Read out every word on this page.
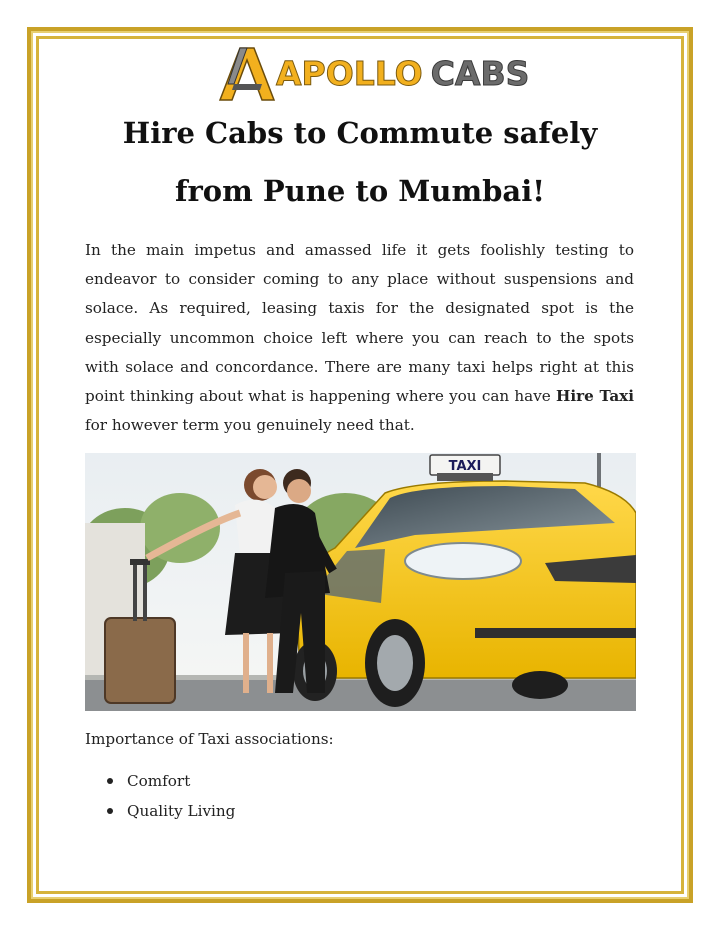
APOLLO CABS
Hire Cabs to Commute safely
from Pune to Mumbai!
In the main impetus and amassed life it gets foolishly testing to endeavor to consider coming to any place without suspensions and solace. As required, leasing taxis for the designated spot is the especially uncommon choice left where you can reach to the spots with solace and concordance. There are many taxi helps right at this point thinking about what is happening where you can have Hire Taxi for however term you genuinely need that.
TAXI
Importance of Taxi associations:
Comfort
Quality Living
